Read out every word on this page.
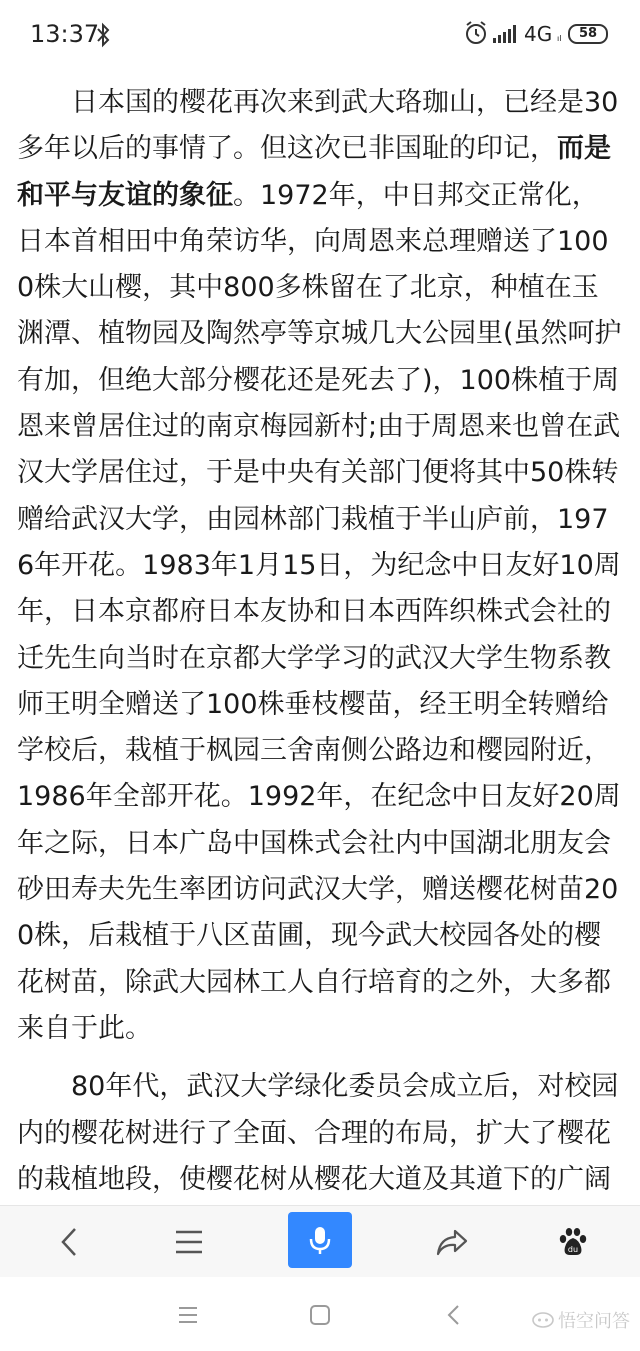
13:37	4G ıl	58

日本国的樱花再次来到武大珞珈山，已经是30多年以后的事情了。但这次已非国耻的印记，而是和平与友谊的象征。1972年，中日邦交正常化，日本首相田中角荣访华，向周恩来总理赠送了1000株大山樱，其中800多株留在了北京，种植在玉渊潭、植物园及陶然亭等京城几大公园里(虽然呵护有加，但绝大部分樱花还是死去了)，100株植于周恩来曾居住过的南京梅园新村;由于周恩来也曾在武汉大学居住过，于是中央有关部门便将其中50株转赠给武汉大学，由园林部门栽植于半山庐前，1976年开花。1983年1月15日，为纪念中日友好10周年，日本京都府日本友协和日本西阵织株式会社的迁先生向当时在京都大学学习的武汉大学生物系教师王明全赠送了100株垂枝樱苗，经王明全转赠给学校后，栽植于枫园三舍南侧公路边和樱园附近，1986年全部开花。1992年，在纪念中日友好20周年之际，日本广岛中国株式会社内中国湖北朋友会砂田寿夫先生率团访问武汉大学，赠送樱花树苗200株，后栽植于八区苗圃，现今武大校园各处的樱花树苗，除武大园林工人自行培育的之外，大多都来自于此。

80年代，武汉大学绿化委员会成立后，对校园内的樱花树进行了全面、合理的布局，扩大了樱花的栽植地段，使樱花树从樱花大道及其道下的广阔

du
悟空问答
